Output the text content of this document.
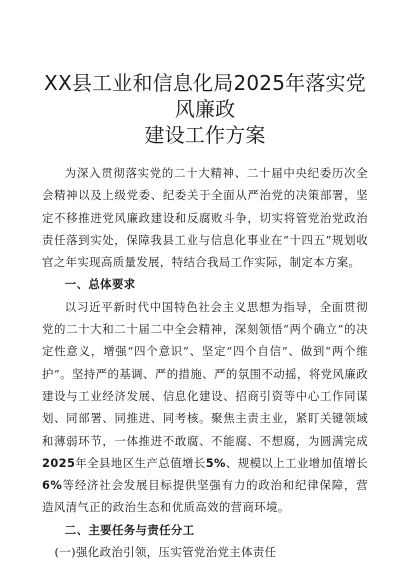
XX县工业和信息化局2025年落实党风廉政
建设工作方案

为深入贯彻落实党的二十大精神、二十届中央纪委历次全会精神以及上级党委、纪委关于全面从严治党的决策部署，坚定不移推进党风廉政建设和反腐败斗争，切实将管党治党政治责任落到实处，保障我县工业与信息化事业在“十四五”规划收官之年实现高质量发展，特结合我局工作实际，制定本方案。

一、总体要求

以习近平新时代中国特色社会主义思想为指导，全面贯彻党的二十大和二十届二中全会精神，深刻领悟“两个确立”的决定性意义，增强“四个意识”、坚定“四个自信”、做到“两个维护”。坚持严的基调、严的措施、严的氛围不动摇，将党风廉政建设与工业经济发展、信息化建设、招商引资等中心工作同谋划、同部署、同推进、同考核。聚焦主责主业，紧盯关键领域和薄弱环节，一体推进不敢腐、不能腐、不想腐，为圆满完成2025年全县地区生产总值增长5%、规模以上工业增加值增长6%等经济社会发展目标提供坚强有力的政治和纪律保障，营造风清气正的政治生态和优质高效的营商环境。

二、主要任务与责任分工

(一)强化政治引领，压实管党治党主体责任
